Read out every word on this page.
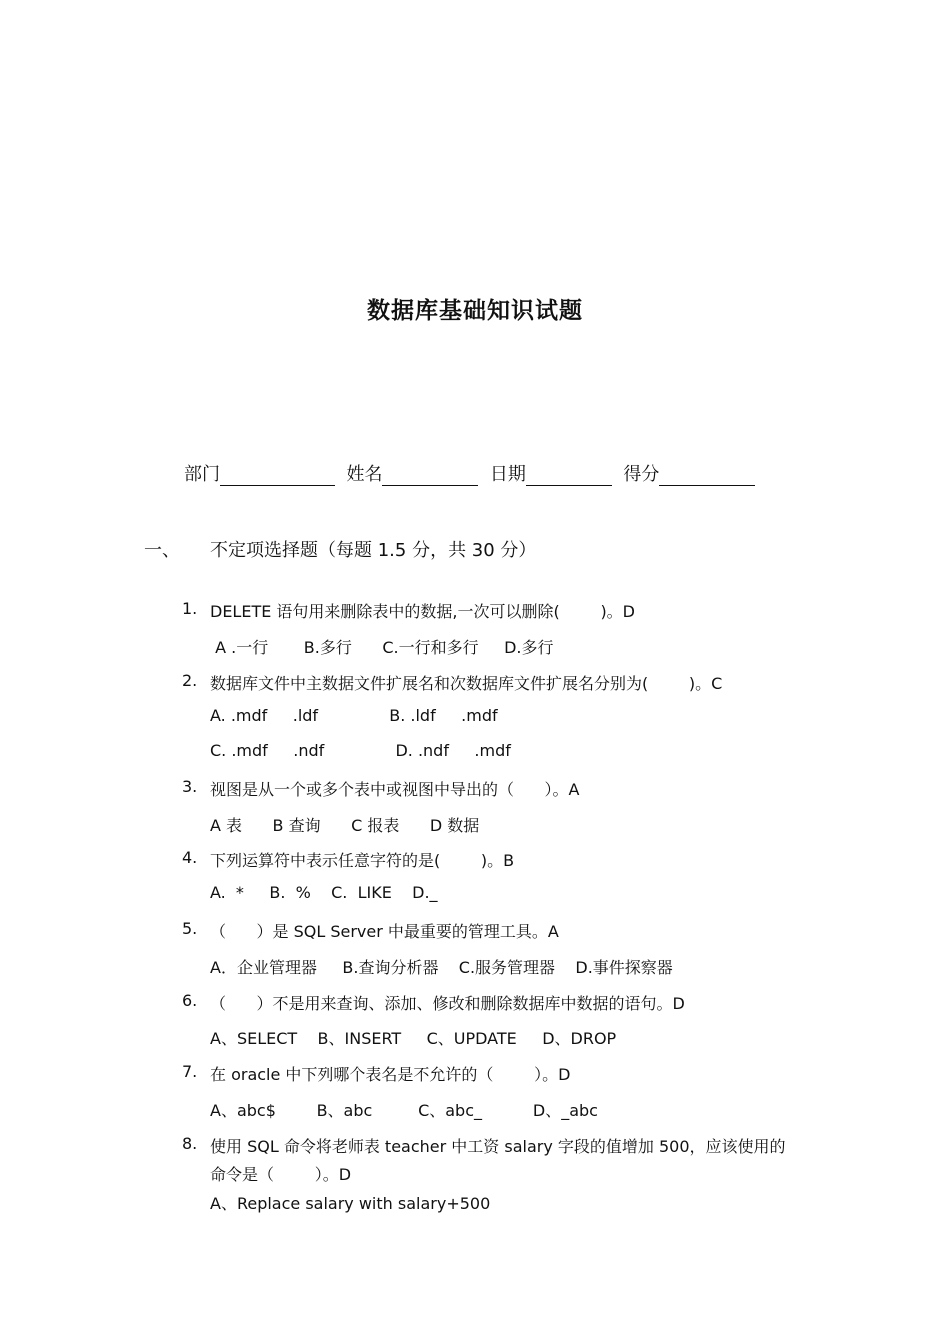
数据库基础知识试题
部门	姓名	日期	得分
一、 不定项选择题（每题 1.5 分，共 30 分）
1. DELETE 语句用来删除表中的数据,一次可以删除(        )。D
A .一行       B.多行      C.一行和多行     D.多行
2. 数据库文件中主数据文件扩展名和次数据库文件扩展名分别为(        )。C
A. .mdf     .ldf              B. .ldf     .mdf
C. .mdf     .ndf              D. .ndf     .mdf
3. 视图是从一个或多个表中或视图中导出的（      ）。A
A 表      B 查询      C 报表      D 数据
4. 下列运算符中表示任意字符的是(        )。B
A.  *     B.  %    C.  LIKE    D._
5. （      ）是 SQL Server 中最重要的管理工具。A
A．企业管理器     B.查询分析器    C.服务管理器    D.事件探察器
6. （      ）不是用来查询、添加、修改和删除数据库中数据的语句。D
A、SELECT    B、INSERT     C、UPDATE     D、DROP
7. 在 oracle 中下列哪个表名是不允许的（        ）。D
A、abc$        B、abc         C、abc_          D、_abc
8. 使用 SQL 命令将老师表 teacher 中工资 salary 字段的值增加 500，应该使用的
命令是（        ）。D
A、Replace salary with salary+500
